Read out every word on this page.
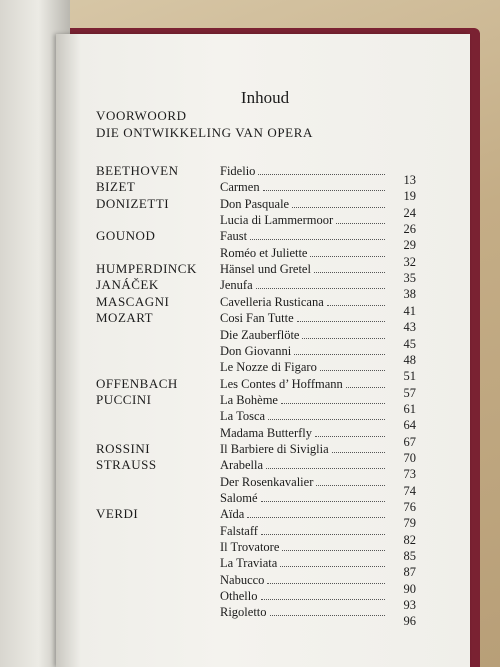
Inhoud
VOORWOORD
DIE ONTWIKKELING VAN OPERA
BEETHOVEN
BIZET
DONIZETTI
GOUNOD
HUMPERDINCK
JANÁČEK
MASCAGNI
MOZART
OFFENBACH
PUCCINI
ROSSINI
STRAUSS
VERDI
Fidelio
13
Carmen
19
Don Pasquale
24
Lucia di Lammermoor
26
Faust
29
Roméo et Juliette
32
Hänsel und Gretel
35
Jenufa
38
Cavelleria Rusticana
41
Cosi Fan Tutte
43
Die Zauberflöte
45
Don Giovanni
48
Le Nozze di Figaro
51
Les Contes d’ Hoffmann
57
La Bohème
61
La Tosca
64
Madama Butterfly
67
Il Barbiere di Siviglia
70
Arabella
73
Der Rosenkavalier
74
Salomé
76
Aïda
79
Falstaff
82
Il Trovatore
85
La Traviata
87
Nabucco
90
Othello
93
Rigoletto
96
